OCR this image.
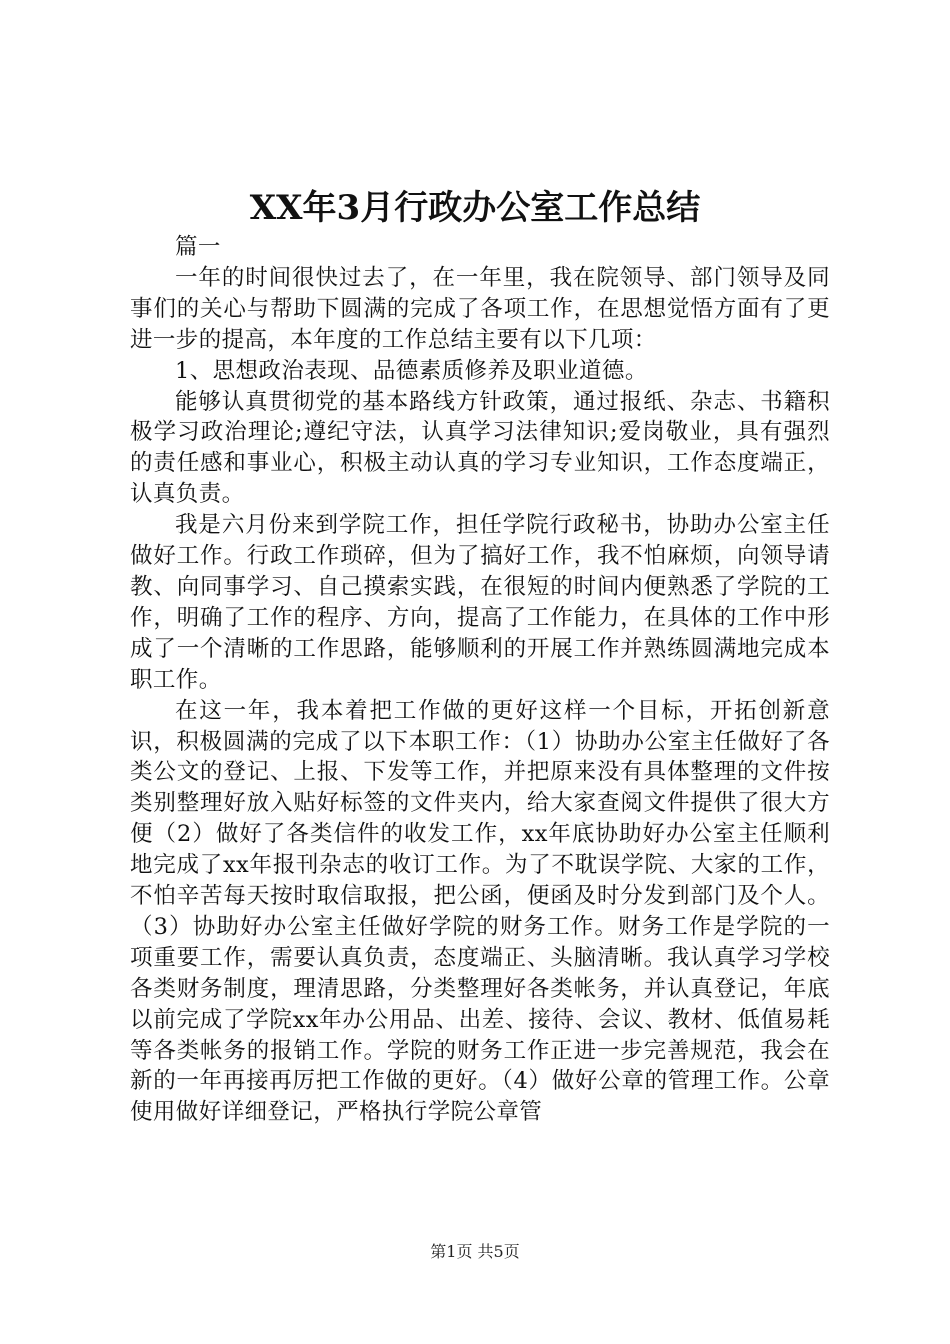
XX年3月行政办公室工作总结

篇一

一年的时间很快过去了，在一年里，我在院领导、部门领导及同事们的关心与帮助下圆满的完成了各项工作，在思想觉悟方面有了更进一步的提高，本年度的工作总结主要有以下几项：

1、思想政治表现、品德素质修养及职业道德。

能够认真贯彻党的基本路线方针政策，通过报纸、杂志、书籍积极学习政治理论;遵纪守法，认真学习法律知识;爱岗敬业，具有强烈的责任感和事业心，积极主动认真的学习专业知识，工作态度端正，认真负责。

我是六月份来到学院工作，担任学院行政秘书，协助办公室主任做好工作。行政工作琐碎，但为了搞好工作，我不怕麻烦，向领导请教、向同事学习、自己摸索实践，在很短的时间内便熟悉了学院的工作，明确了工作的程序、方向，提高了工作能力，在具体的工作中形成了一个清晰的工作思路，能够顺利的开展工作并熟练圆满地完成本职工作。

在这一年，我本着把工作做的更好这样一个目标，开拓创新意识，积极圆满的完成了以下本职工作：（1）协助办公室主任做好了各类公文的登记、上报、下发等工作，并把原来没有具体整理的文件按类别整理好放入贴好标签的文件夹内，给大家查阅文件提供了很大方便（2）做好了各类信件的收发工作，xx年底协助好办公室主任顺利地完成了xx年报刊杂志的收订工作。为了不耽误学院、大家的工作，不怕辛苦每天按时取信取报，把公函，便函及时分发到部门及个人。（3）协助好办公室主任做好学院的财务工作。财务工作是学院的一项重要工作，需要认真负责，态度端正、头脑清晰。我认真学习学校各类财务制度，理清思路，分类整理好各类帐务，并认真登记，年底以前完成了学院xx年办公用品、出差、接待、会议、教材、低值易耗等各类帐务的报销工作。学院的财务工作正进一步完善规范，我会在新的一年再接再厉把工作做的更好。（4）做好公章的管理工作。公章使用做好详细登记，严格执行学院公章管

第1页 共5页
